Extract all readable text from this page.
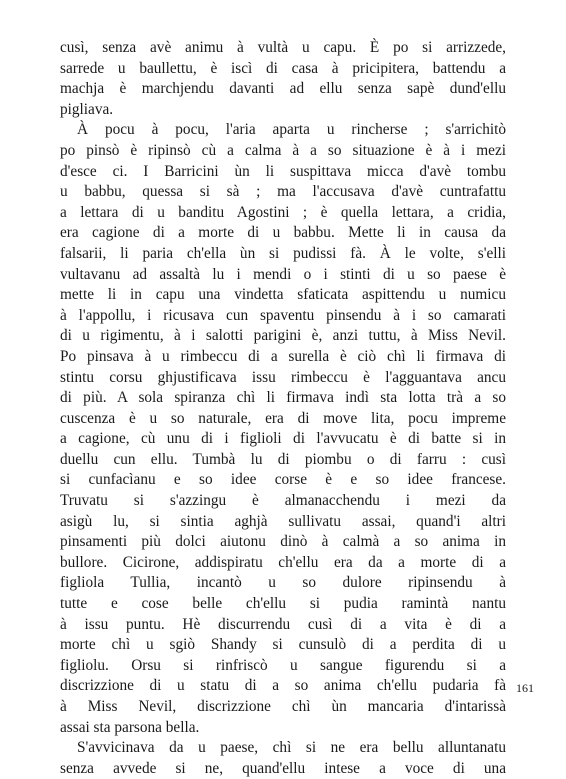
cusì, senza avè animu à vultà u capu. È po si arrizzede,
sarrede u baullettu, è iscì di casa à pricipitera, battendu a
machja è marchjendu davanti ad ellu senza sapè dund'ellu
pigliava.
À pocu à pocu, l'aria aparta u rincherse ; s'arrichitò
po pinsò è ripinsò cù a calma à a so situazione è à i mezi
d'esce ci. I Barricini ùn li suspittava micca d'avè tombu
u babbu, quessa si sà ; ma l'accusava d'avè cuntrafattu
a lettara di u banditu Agostini ; è quella lettara, a cridia,
era cagione di a morte di u babbu. Mette li in causa da
falsarii, li paria ch'ella ùn si pudissi fà. À le volte, s'elli
vultavanu ad assaltà lu i mendi o i stinti di u so paese è
mette li in capu una vindetta sfaticata aspittendu u numicu
à l'appollu, i ricusava cun spaventu pinsendu à i so camarati
di u rigimentu, à i salotti parigini è, anzi tuttu, à Miss Nevil.
Po pinsava à u rimbeccu di a surella è ciò chì li firmava di
stintu corsu ghjustificava issu rimbeccu è l'agguantava ancu
di più. A sola spiranza chì li firmava indì sta lotta trà a so
cuscenza è u so naturale, era di move lita, pocu impreme
a cagione, cù unu di i figlioli di l'avvucatu è di batte si in
duellu cun ellu. Tumbà lu di piombu o di farru : cusì
si cunfacìanu e so idee corse è e so idee francese.
Truvatu si s'azzingu è almanacchendu i mezi da
asigù lu, si sintia aghjà sullivatu assai, quand'i altri
pinsamenti più dolci aiutonu dinò à calmà a so anima in
bullore. Cicirone, addispiratu ch'ellu era da a morte di a
figliola Tullia, incantò u so dulore ripinsendu à
tutte e cose belle ch'ellu si pudia ramintà nantu
à issu puntu. Hè discurrendu cusì di a vita è di a
morte chì u sgiò Shandy si cunsulò di a perdita di u
figliolu. Orsu si rinfriscò u sangue figurendu si a
discrizzione di u statu di a so anima ch'ellu pudaria fà
à Miss Nevil, discrizzione chì ùn mancaria d'intarissà
assai sta parsona bella.
S'avvicinava da u paese, chì si ne era bellu alluntanatu
senza avvede si ne, quand'ellu intese a voce di una
161
